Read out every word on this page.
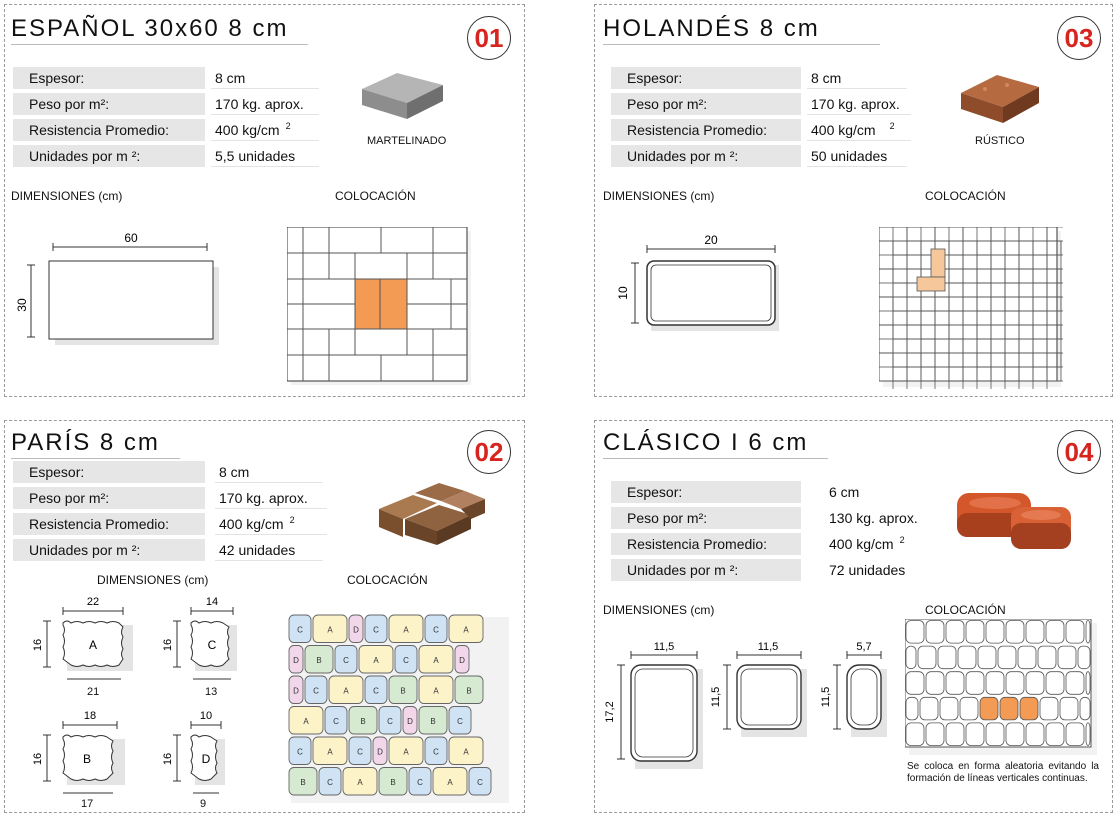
ESPAÑOL 30x60 8 cm	01
Espesor:	8 cm
Peso por m²:	170 kg. aprox.
Resistencia Promedio:	400 kg/cm $^2$
Unidades por m ²:	5,5 unidades
MARTELINADO
DIMENSIONES (cm)	COLOCACIÓN
60
30
HOLANDÉS 8 cm	03
Espesor:	8 cm
Peso por m²:	170 kg. aprox.
Resistencia Promedio:	400 kg/cm $^2$
Unidades por m ²:	50 unidades
RÚSTICO
DIMENSIONES (cm)	COLOCACIÓN
20
10
PARÍS 8 cm	02
Espesor:	8 cm
Peso por m²:	170 kg. aprox.
Resistencia Promedio:	400 kg/cm $^2$
Unidades por m ²:	42 unidades
DIMENSIONES (cm)	COLOCACIÓN
A
22
16
21
C
14
16
13
B
18
16
17
D
10
16
9
C	A	D C	A	C	A
D B	C	A	C	A	D
D C	A	C	B	A	B
A	C	B	C D B	C
C	A	C D	A	C	A
B	C	A	B	C	A	C
CLÁSICO I 6 cm	04
Espesor:	6 cm
Peso por m²:	130 kg. aprox.
Resistencia Promedio:	400 kg/cm $^2$
Unidades por m ²:	72 unidades
DIMENSIONES (cm)	COLOCACIÓN
11,5
17,2
11,5
11,5
5,7
11,5
Se coloca en forma aleatoria evitando la formación de líneas verticales continuas.
